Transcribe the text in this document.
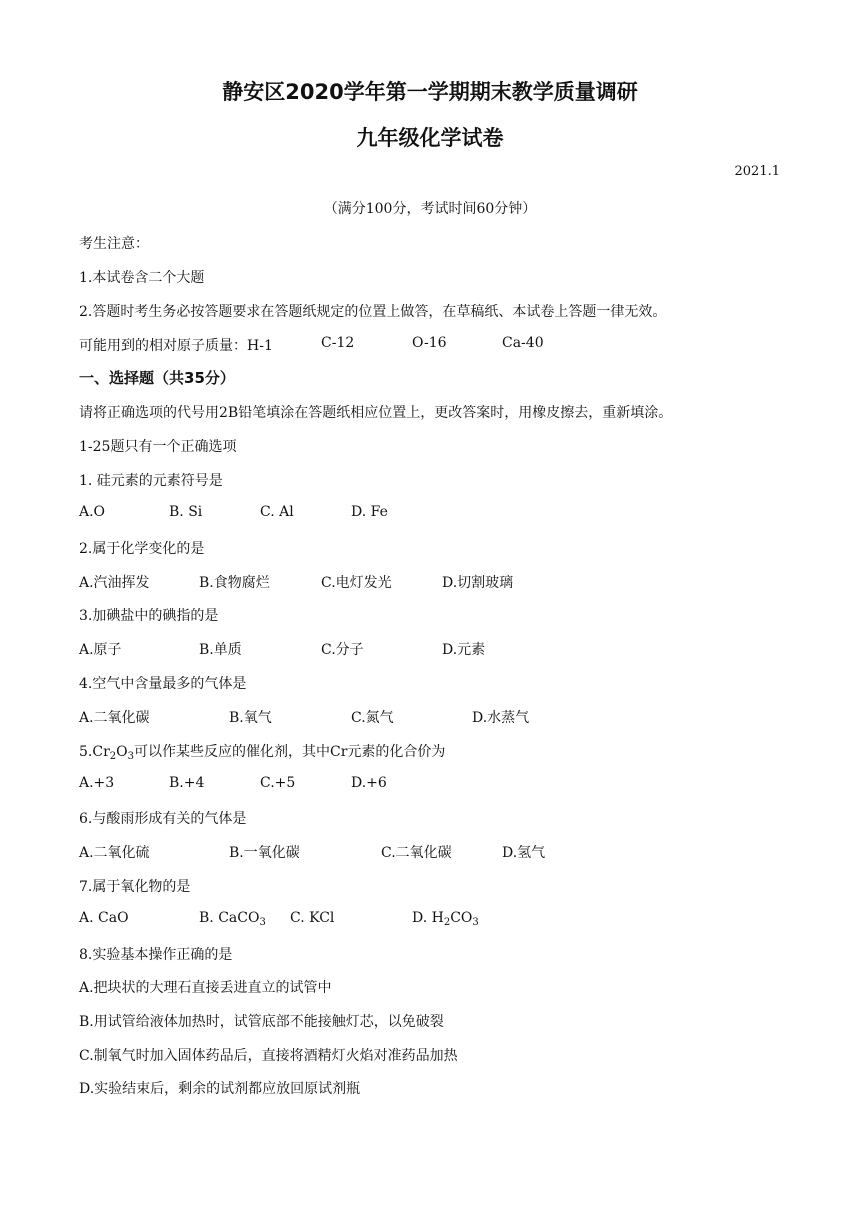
静安区2020学年第一学期期末教学质量调研
九年级化学试卷
2021.1
（满分100分，考试时间60分钟）
考生注意：
1.本试卷含二个大题
2.答题时考生务必按答题要求在答题纸规定的位置上做答，在草稿纸、本试卷上答题一律无效。
可能用到的相对原子质量：H-1	C-12	O-16	Ca-40
一、选择题（共35分）
请将正确选项的代号用2B铅笔填涂在答题纸相应位置上，更改答案时，用橡皮擦去，重新填涂。
1-25题只有一个正确选项
1. 硅元素的元素符号是
A.O	B. Si	C. Al	D. Fe
2.属于化学变化的是
A.汽油挥发	B.食物腐烂	C.电灯发光	D.切割玻璃
3.加碘盐中的碘指的是
A.原子	B.单质	C.分子	D.元素
4.空气中含量最多的气体是
A.二氧化碳	B.氧气	C.氮气	D.水蒸气
$5.Cr_2O_3$可以作某些反应的催化剂，其中Cr元素的化合价为
A.+3	B.+4	C.+5	D.+6
6.与酸雨形成有关的气体是
A.二氧化硫	B.一氧化碳	C.二氧化碳	D.氢气
7.属于氧化物的是
A. CaO	B. CaCO$_3$ C. KCl	D. $H_2CO_3$
8.实验基本操作正确的是
A.把块状的大理石直接丢进直立的试管中
B.用试管给液体加热时，试管底部不能接触灯芯，以免破裂
C.制氧气时加入固体药品后，直接将酒精灯火焰对准药品加热
D.实验结束后，剩余的试剂都应放回原试剂瓶
